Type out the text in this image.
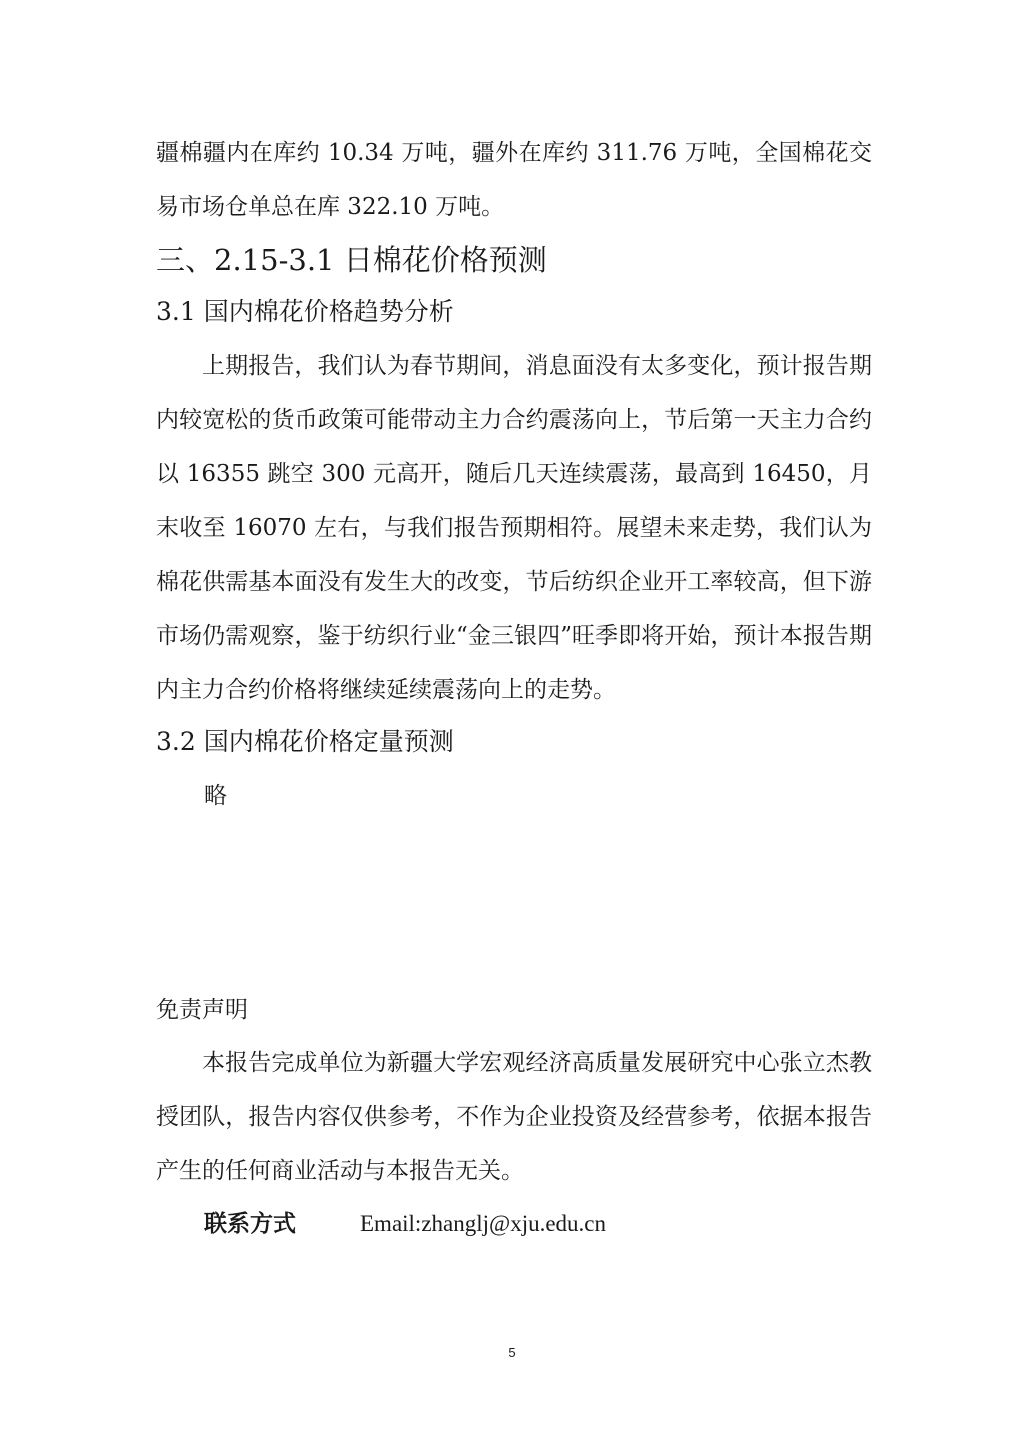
疆棉疆内在库约 10.34 万吨，疆外在库约 311.76 万吨，全国棉花交易市场仓单总在库 322.10 万吨。

三、2.15-3.1 日棉花价格预测
3.1 国内棉花价格趋势分析

上期报告，我们认为春节期间，消息面没有太多变化，预计报告期内较宽松的货币政策可能带动主力合约震荡向上，节后第一天主力合约以 16355 跳空 300 元高开，随后几天连续震荡，最高到 16450，月末收至 16070 左右，与我们报告预期相符。展望未来走势，我们认为棉花供需基本面没有发生大的改变，节后纺织企业开工率较高，但下游市场仍需观察，鉴于纺织行业“金三银四”旺季即将开始，预计本报告期内主力合约价格将继续延续震荡向上的走势。

3.2 国内棉花价格定量预测

略

免责声明

本报告完成单位为新疆大学宏观经济高质量发展研究中心张立杰教授团队，报告内容仅供参考，不作为企业投资及经营参考，依据本报告产生的任何商业活动与本报告无关。

联系方式	Email:zhanglj@xju.edu.cn
5
